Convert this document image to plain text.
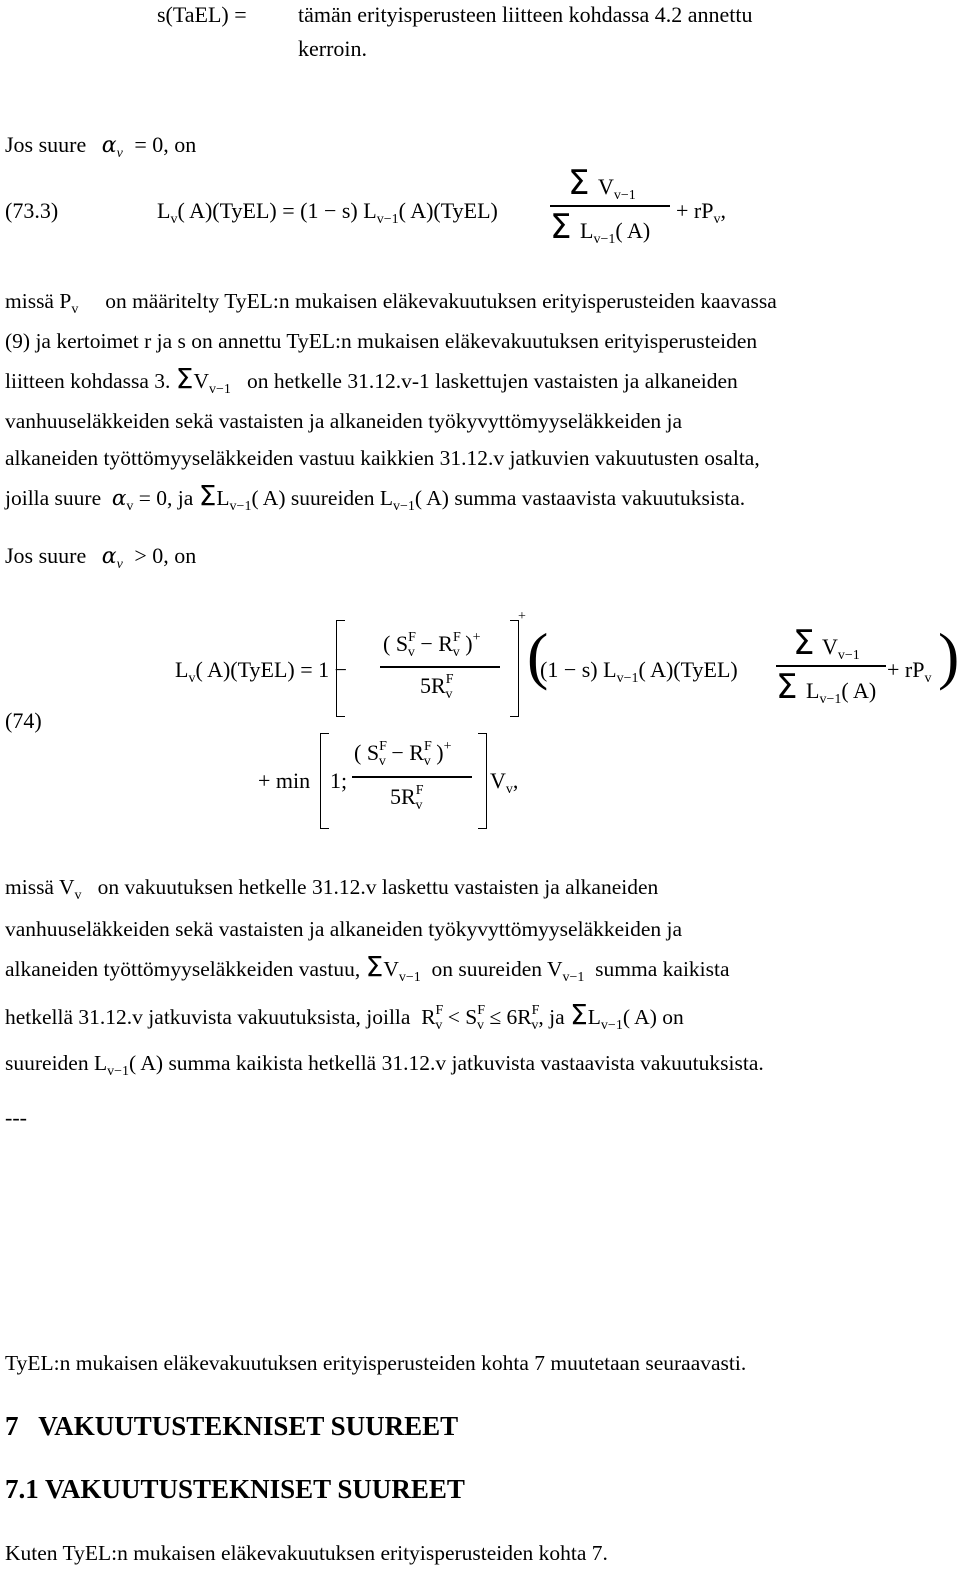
s(TaEL) = tämän erityisperusteen liitteen kohdassa 4.2 annettu
kerroin.
Jos suure $\alpha_v = 0$, on
(73.3)	$L_v$( A)(TyEL) = (1 − s) $L_{v-1}$( A)(TyEL)
Σ $V_{v-1}$
Σ $L_{v-1}$( A)
+ $rP_v$,
missä $P_v$ on määritelty TyEL:n mukaisen eläkevakuutuksen erityisperusteiden kaavassa
(9) ja kertoimet r ja s on annettu TyEL:n mukaisen eläkevakuutuksen erityisperusteiden
liitteen kohdassa 3. $\Sigma V_{v-1}$ on hetkelle 31.12.v-1 laskettujen vastaisten ja alkaneiden
vanhuuseläkkeiden sekä vastaisten ja alkaneiden työkyvyttömyyseläkkeiden ja
alkaneiden työttömyyseläkkeiden vastuu kaikkien 31.12.v jatkuvien vakuutusten osalta,
joilla suure $\alpha_v = 0$, ja $\Sigma L_{v-1}$( A) suureiden $L_{v-1}$( A) summa vastaavista vakuutuksista.
Jos suure $\alpha_v > 0$, on
(74)
$L_v$( A)(TyEL) = 1 −
( $S^F_v - R^F_v$ )+
+
$5R^F_v$
(
(1 − s) $L_{v-1}$( A)(TyEL)
Σ $V_{v-1}$
Σ $L_{v-1}$( A)
+ $rP_v$ )
+ min 1;
( $S^F_v - R^F_v$ )+
$5R^F_v$
$V_v$,
missä $V_v$ on vakuutuksen hetkelle 31.12.v laskettu vastaisten ja alkaneiden
vanhuuseläkkeiden sekä vastaisten ja alkaneiden työkyvyttömyyseläkkeiden ja
alkaneiden työttömyyseläkkeiden vastuu, $\Sigma V_{v-1}$ on suureiden $V_{v-1}$ summa kaikista
hetkellä 31.12.v jatkuvista vakuutuksista, joilla  $R^F_v < S^F_v \le 6R^F_v$, ja $\Sigma L_{v-1}$( A) on
suureiden $L_{v-1}$( A) summa kaikista hetkellä 31.12.v jatkuvista vastaavista vakuutuksista.
---
TyEL:n mukaisen eläkevakuutuksen erityisperusteiden kohta 7 muutetaan seuraavasti.
7   VAKUUTUSTEKNISET SUUREET
7.1 VAKUUTUSTEKNISET SUUREET
Kuten TyEL:n mukaisen eläkevakuutuksen erityisperusteiden kohta 7.
